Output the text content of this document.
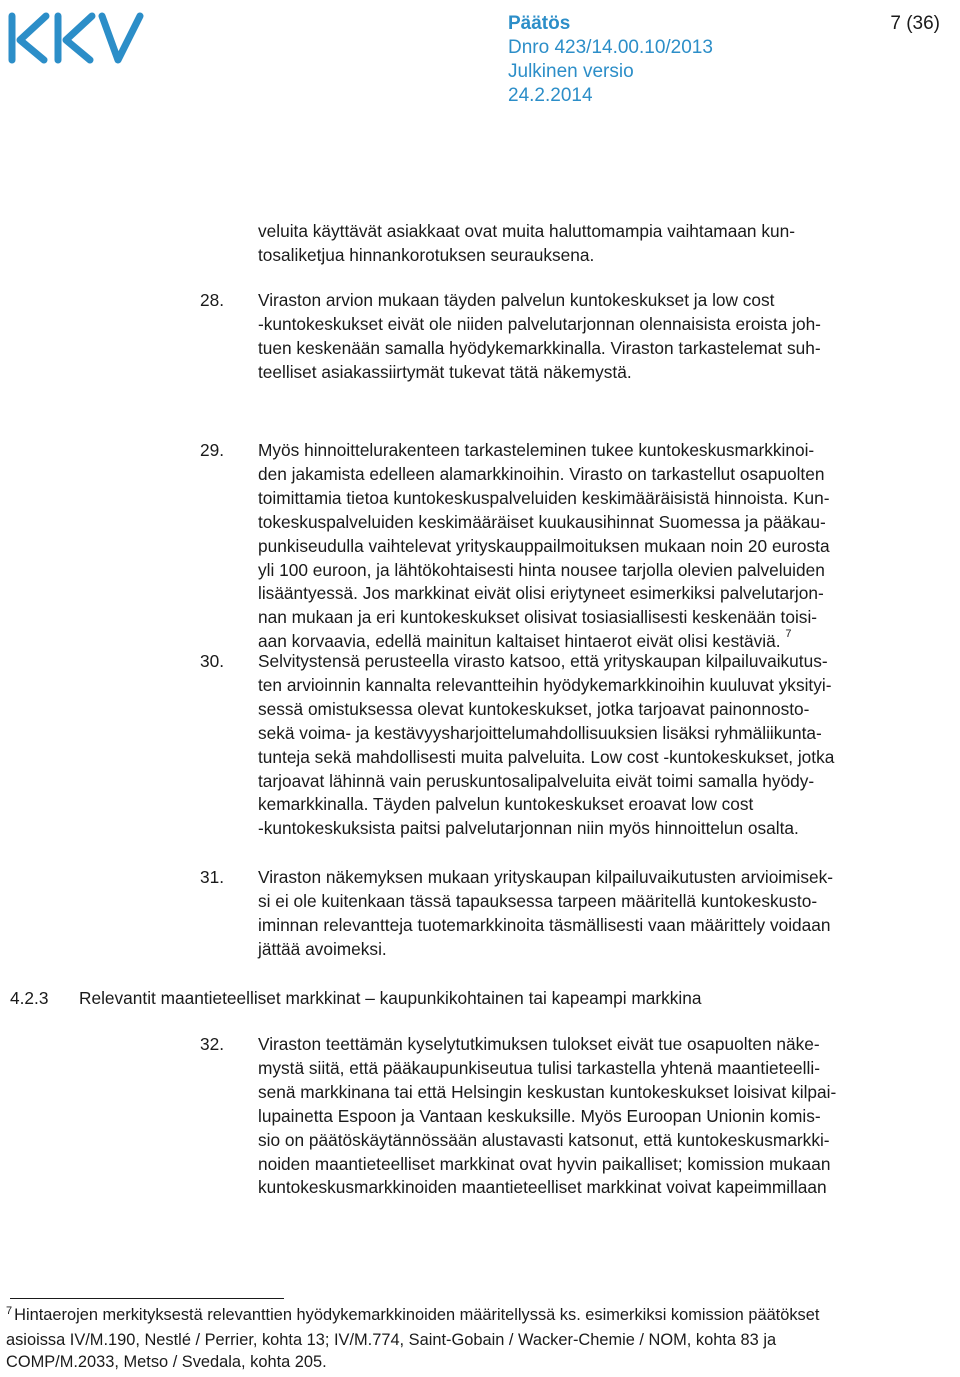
Päätös	7 (36)
Dnro 423/14.00.10/2013
Julkinen versio
24.2.2014

veluita käyttävät asiakkaat ovat muita haluttomampia vaihtamaan kun-

tosaliketjua hinnankorotuksen seurauksena.

28. Viraston arvion mukaan täyden palvelun kuntokeskukset ja low cost

-kuntokeskukset eivät ole niiden palvelutarjonnan olennaisista eroista joh-

tuen keskenään samalla hyödykemarkkinalla. Viraston tarkastelemat suh-

teelliset asiakassiirtymät tukevat tätä näkemystä.

29. Myös hinnoittelurakenteen tarkasteleminen tukee kuntokeskusmarkkinoi-

den jakamista edelleen alamarkkinoihin. Virasto on tarkastellut osapuolten

toimittamia tietoa kuntokeskuspalveluiden keskimääräisistä hinnoista. Kun-

tokeskuspalveluiden keskimääräiset kuukausihinnat Suomessa ja pääkau-

punkiseudulla vaihtelevat yrityskauppailmoituksen mukaan noin 20 eurosta

yli 100 euroon, ja lähtökohtaisesti hinta nousee tarjolla olevien palveluiden

lisääntyessä. Jos markkinat eivät olisi eriytyneet esimerkiksi palvelutarjon-

nan mukaan ja eri kuntokeskukset olisivat tosiasiallisesti keskenään toisi-

aan korvaavia, edellä mainitun kaltaiset hintaerot eivät olisi kestäviä. $^7$

30. Selvitystensä perusteella virasto katsoo, että yrityskaupan kilpailuvaikutus-

ten arvioinnin kannalta relevantteihin hyödykemarkkinoihin kuuluvat yksityi-

sessä omistuksessa olevat kuntokeskukset, jotka tarjoavat painonnosto-

sekä voima- ja kestävyysharjoittelumahdollisuuksien lisäksi ryhmäliikunta-

tunteja sekä mahdollisesti muita palveluita. Low cost -kuntokeskukset, jotka

tarjoavat lähinnä vain peruskuntosalipalveluita eivät toimi samalla hyödy-

kemarkkinalla. Täyden palvelun kuntokeskukset eroavat low cost

-kuntokeskuksista paitsi palvelutarjonnan niin myös hinnoittelun osalta.

31. Viraston näkemyksen mukaan yrityskaupan kilpailuvaikutusten arvioimisek-

si ei ole kuitenkaan tässä tapauksessa tarpeen määritellä kuntokeskusto-

iminnan relevantteja tuotemarkkinoita täsmällisesti vaan määrittely voidaan

jättää avoimeksi.

4.2.3 Relevantit maantieteelliset markkinat – kaupunkikohtainen tai kapeampi markkina
32. Viraston teettämän kyselytutkimuksen tulokset eivät tue osapuolten näke-

mystä siitä, että pääkaupunkiseutua tulisi tarkastella yhtenä maantieteelli-

senä markkinana tai että Helsingin keskustan kuntokeskukset loisivat kilpai-

lupainetta Espoon ja Vantaan keskuksille. Myös Euroopan Unionin komis-

sio on päätöskäytännössään alustavasti katsonut, että kuntokeskusmarkki-

noiden maantieteelliset markkinat ovat hyvin paikalliset; komission mukaan

kuntokeskusmarkkinoiden maantieteelliset markkinat voivat kapeimmillaan

$^7$ Hintaerojen merkityksestä relevanttien hyödykemarkkinoiden määritellyssä ks. esimerkiksi komission päätökset

asioissa IV/M.190, Nestlé / Perrier, kohta 13; IV/M.774, Saint-Gobain / Wacker-Chemie / NOM, kohta 83 ja

COMP/M.2033, Metso / Svedala, kohta 205.
